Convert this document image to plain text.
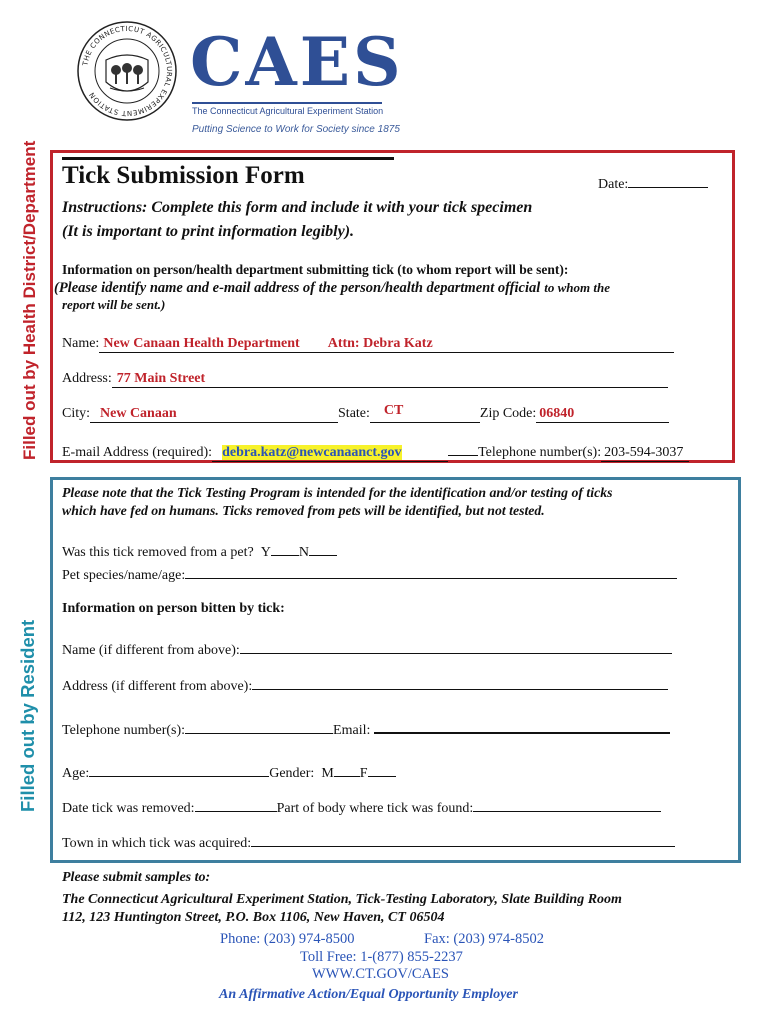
Filled out by Health District/Department
Filled out by Resident
THE CONNECTICUT AGRICULTURAL EXPERIMENT STATION	CAES
The Connecticut Agricultural Experiment Station
Putting Science to Work for Society since 1875
Tick Submission Form	Date:
Instructions: Complete this form and include it with your tick specimen
(It is important to print information legibly).
Information on person/health department submitting tick (to whom report will be sent):
(Please identify name and e-mail address of the person/health department official to whom the
report will be sent.)
Name: New Canaan Health Department Attn: Debra Katz
Address: 77 Main Street
City: New Canaan	State: CT	Zip Code: 06840
E-mail Address (required): debra.katz@newcanaanct.gov	Telephone number(s): 203-594-3037
Please note that the Tick Testing Program is intended for the identification and/or testing of ticks
which have fed on humans. Ticks removed from pets will be identified, but not tested.
Was this tick removed from a pet? Y N
Pet species/name/age:
Information on person bitten by tick:
Name (if different from above):
Address (if different from above):
Telephone number(s):	Email:
Age:	Gender: M F
Date tick was removed:	Part of body where tick was found:
Town in which tick was acquired:
Please submit samples to:
The Connecticut Agricultural Experiment Station, Tick-Testing Laboratory, Slate Building Room
112, 123 Huntington Street, P.O. Box 1106, New Haven, CT 06504
Phone: (203) 974-8500	Fax: (203) 974-8502
Toll Free: 1-(877) 855-2237
WWW.CT.GOV/CAES
An Affirmative Action/Equal Opportunity Employer
